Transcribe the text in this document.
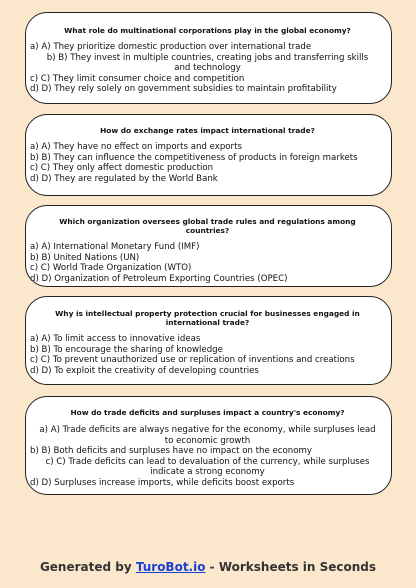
What role do multinational corporations play in the global economy?
a) A) They prioritize domestic production over international trade
b) B) They invest in multiple countries, creating jobs and transferring skills and technology
c) C) They limit consumer choice and competition
d) D) They rely solely on government subsidies to maintain profitability
How do exchange rates impact international trade?
a) A) They have no effect on imports and exports
b) B) They can influence the competitiveness of products in foreign markets
c) C) They only affect domestic production
d) D) They are regulated by the World Bank
Which organization oversees global trade rules and regulations among countries?
a) A) International Monetary Fund (IMF)
b) B) United Nations (UN)
c) C) World Trade Organization (WTO)
d) D) Organization of Petroleum Exporting Countries (OPEC)
Why is intellectual property protection crucial for businesses engaged in international trade?
a) A) To limit access to innovative ideas
b) B) To encourage the sharing of knowledge
c) C) To prevent unauthorized use or replication of inventions and creations
d) D) To exploit the creativity of developing countries
How do trade deficits and surpluses impact a country's economy?
a) A) Trade deficits are always negative for the economy, while surpluses lead to economic growth
b) B) Both deficits and surpluses have no impact on the economy
c) C) Trade deficits can lead to devaluation of the currency, while surpluses indicate a strong economy
d) D) Surpluses increase imports, while deficits boost exports
Generated by TuroBot.io - Worksheets in Seconds
